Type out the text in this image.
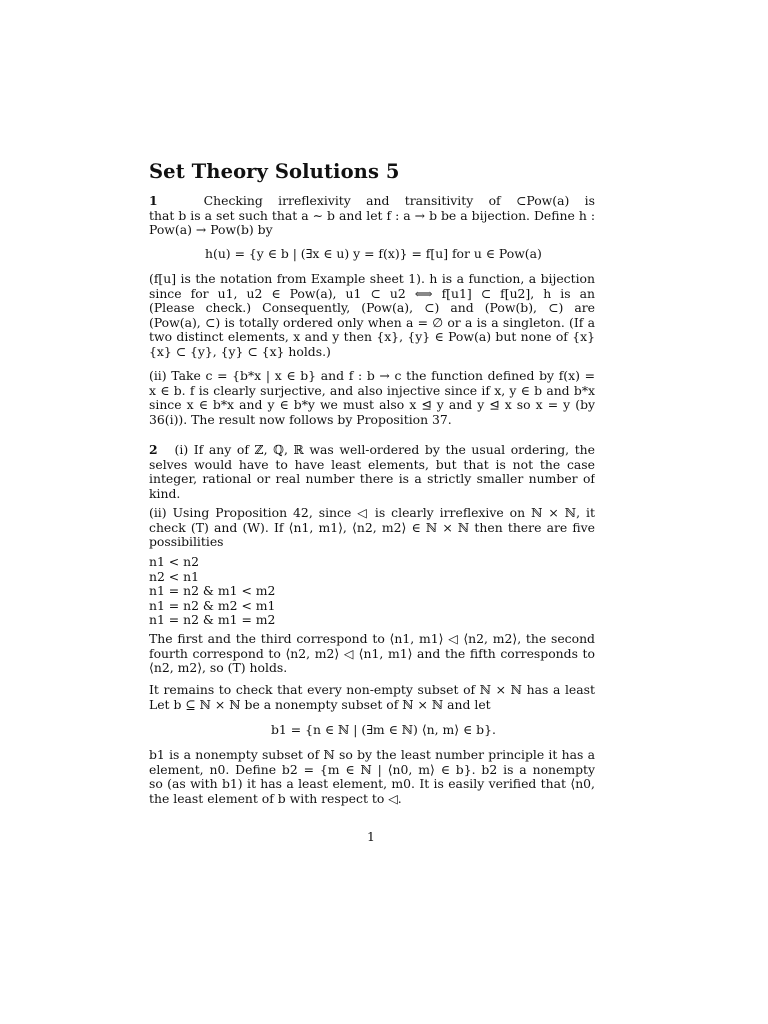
Set Theory Solutions 5
1	Checking irreflexivity and transitivity of ⊂Pow(a) is
that b is a set such that a ∼ b and let f : a → b be a bijection. Define h :
Pow(a) → Pow(b) by
h(u) = {y ∈ b | (∃x ∈ u) y = f(x)} = f[u] for u ∈ Pow(a)
(f[u] is the notation from Example sheet 1). h is a function, a bijection
since for u1, u2 ∈ Pow(a), u1 ⊂ u2 ⟺ f[u1] ⊂ f[u2], h is an
(Please check.) Consequently, (Pow(a), ⊂) and (Pow(b), ⊂) are
(Pow(a), ⊂) is totally ordered only when a = ∅ or a is a singleton. (If a
two distinct elements, x and y then {x}, {y} ∈ Pow(a) but none of {x}
{x} ⊂ {y}, {y} ⊂ {x} holds.)
(ii) Take c = {b*x | x ∈ b} and f : b → c the function defined by f(x) =
x ∈ b. f is clearly surjective, and also injective since if x, y ∈ b and b*x
since x ∈ b*x and y ∈ b*y we must also x ⊴ y and y ⊴ x so x = y (by
36(i)). The result now follows by Proposition 37.
2 (i) If any of ℤ, ℚ, ℝ was well-ordered by the usual ordering, the
selves would have to have least elements, but that is not the case
integer, rational or real number there is a strictly smaller number of
kind.
(ii) Using Proposition 42, since ◁ is clearly irreflexive on ℕ × ℕ, it
check (T) and (W). If ⟨n1, m1⟩, ⟨n2, m2⟩ ∈ ℕ × ℕ then there are five
possibilities
n1 < n2
n2 < n1
n1 = n2 & m1 < m2
n1 = n2 & m2 < m1
n1 = n2 & m1 = m2
The first and the third correspond to ⟨n1, m1⟩ ◁ ⟨n2, m2⟩, the second
fourth correspond to ⟨n2, m2⟩ ◁ ⟨n1, m1⟩ and the fifth corresponds to
⟨n2, m2⟩, so (T) holds.
It remains to check that every non-empty subset of ℕ × ℕ has a least
Let b ⊆ ℕ × ℕ be a nonempty subset of ℕ × ℕ and let
b1 = {n ∈ ℕ | (∃m ∈ ℕ) ⟨n, m⟩ ∈ b}.
b1 is a nonempty subset of ℕ so by the least number principle it has a
element, n0. Define b2 = {m ∈ ℕ | ⟨n0, m⟩ ∈ b}. b2 is a nonempty
so (as with b1) it has a least element, m0. It is easily verified that ⟨n0,
the least element of b with respect to ◁.
1
